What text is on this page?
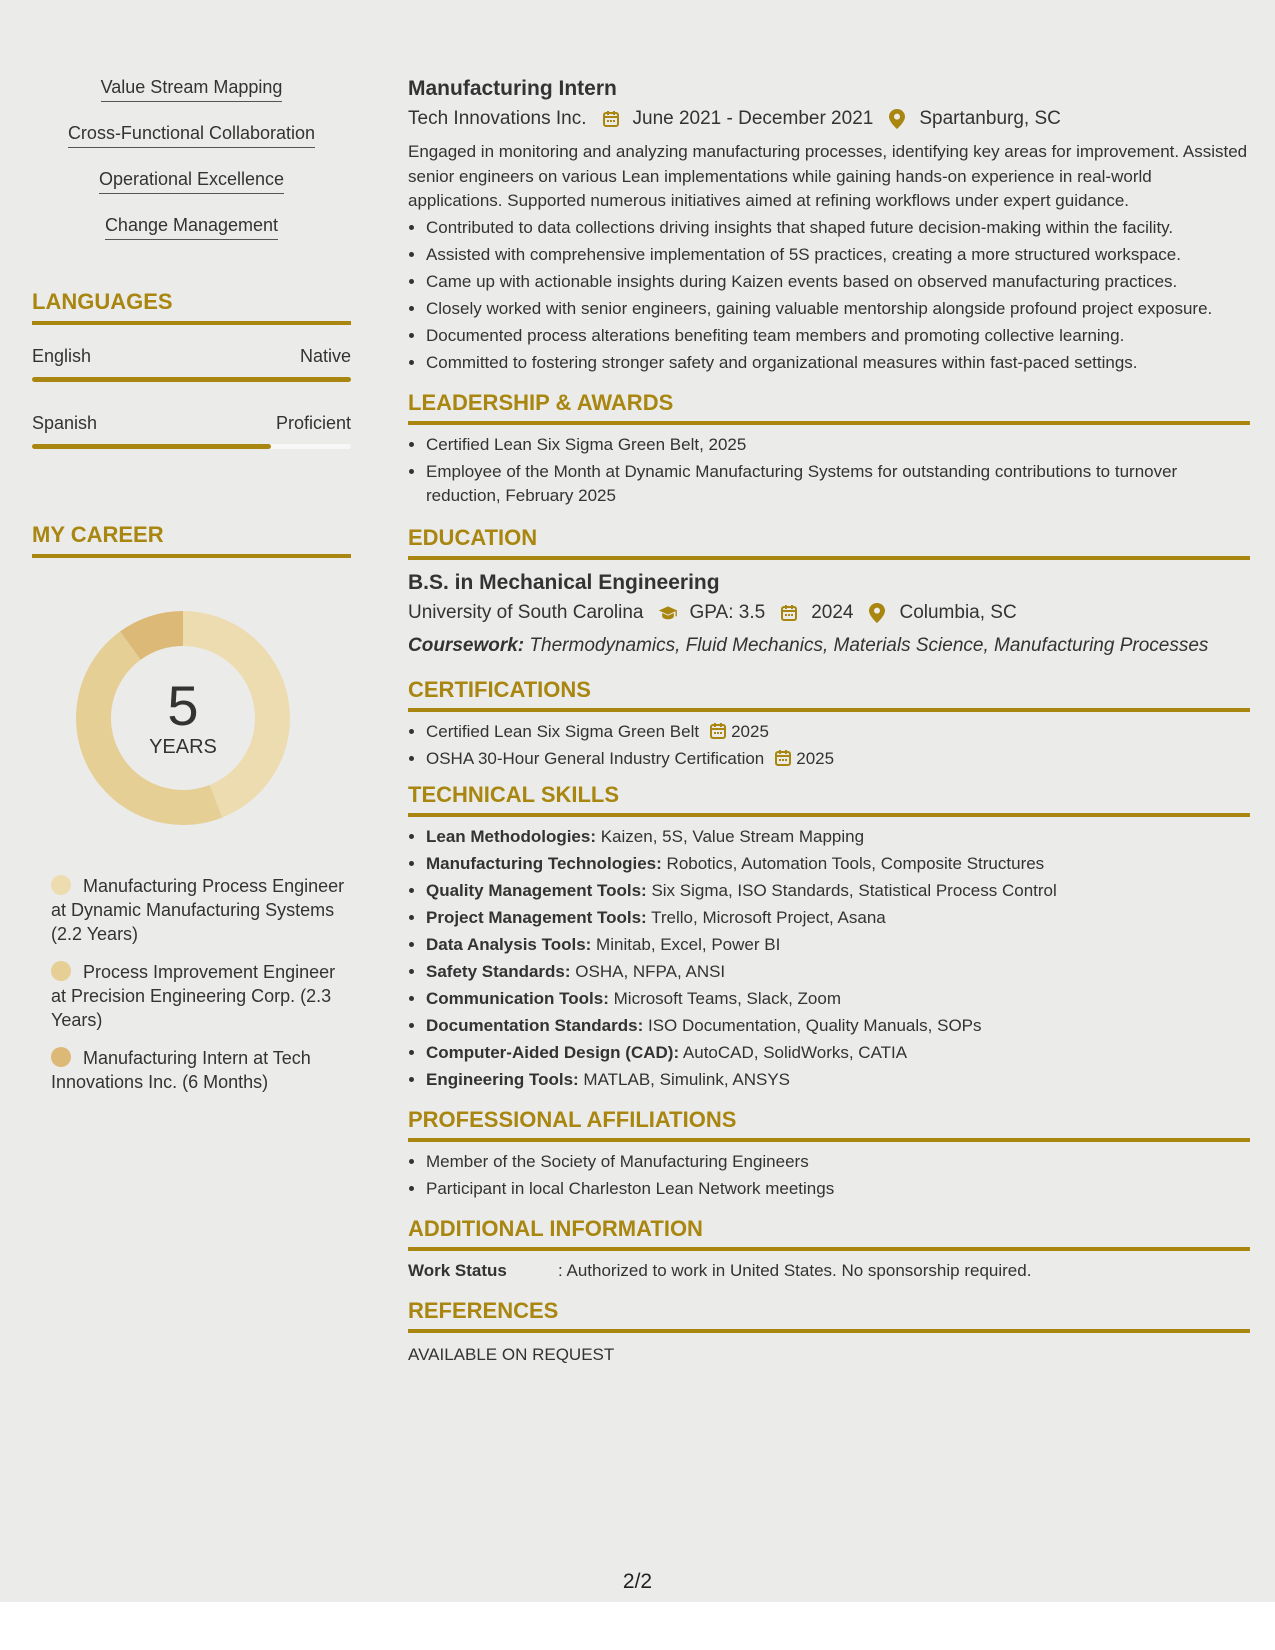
Value Stream Mapping
Cross-Functional Collaboration
Operational Excellence
Change Management
LANGUAGES
English	Native
Spanish	Proficient
MY CAREER
5
YEARS
Manufacturing Process Engineer at Dynamic Manufacturing Systems (2.2 Years)
Process Improvement Engineer at Precision Engineering Corp. (2.3 Years)
Manufacturing Intern at Tech Innovations Inc. (6 Months)
Manufacturing Intern
Tech Innovations Inc. June 2021 - December 2021 Spartanburg, SC

Engaged in monitoring and analyzing manufacturing processes, identifying key areas for improvement. Assisted senior engineers on various Lean implementations while gaining hands-on experience in real-world applications. Supported numerous initiatives aimed at refining workflows under expert guidance.

• Contributed to data collections driving insights that shaped future decision-making within the facility.
• Assisted with comprehensive implementation of 5S practices, creating a more structured workspace.
• Came up with actionable insights during Kaizen events based on observed manufacturing practices.
• Closely worked with senior engineers, gaining valuable mentorship alongside profound project exposure.
• Documented process alterations benefiting team members and promoting collective learning.
• Committed to fostering stronger safety and organizational measures within fast-paced settings.
LEADERSHIP & AWARDS
• Certified Lean Six Sigma Green Belt, 2025
• Employee of the Month at Dynamic Manufacturing Systems for outstanding contributions to turnover reduction, February 2025
EDUCATION
B.S. in Mechanical Engineering
University of South Carolina GPA: 3.5 2024 Columbia, SC
Coursework: Thermodynamics, Fluid Mechanics, Materials Science, Manufacturing Processes
CERTIFICATIONS
• Certified Lean Six Sigma Green Belt 2025
• OSHA 30-Hour General Industry Certification 2025
TECHNICAL SKILLS
• Lean Methodologies: Kaizen, 5S, Value Stream Mapping
• Manufacturing Technologies: Robotics, Automation Tools, Composite Structures
• Quality Management Tools: Six Sigma, ISO Standards, Statistical Process Control
• Project Management Tools: Trello, Microsoft Project, Asana
• Data Analysis Tools: Minitab, Excel, Power BI
• Safety Standards: OSHA, NFPA, ANSI
• Communication Tools: Microsoft Teams, Slack, Zoom
• Documentation Standards: ISO Documentation, Quality Manuals, SOPs
• Computer-Aided Design (CAD): AutoCAD, SolidWorks, CATIA
• Engineering Tools: MATLAB, Simulink, ANSYS
PROFESSIONAL AFFILIATIONS
• Member of the Society of Manufacturing Engineers
• Participant in local Charleston Lean Network meetings
ADDITIONAL INFORMATION
Work Status	: Authorized to work in United States. No sponsorship required.
REFERENCES
AVAILABLE ON REQUEST
2/2
